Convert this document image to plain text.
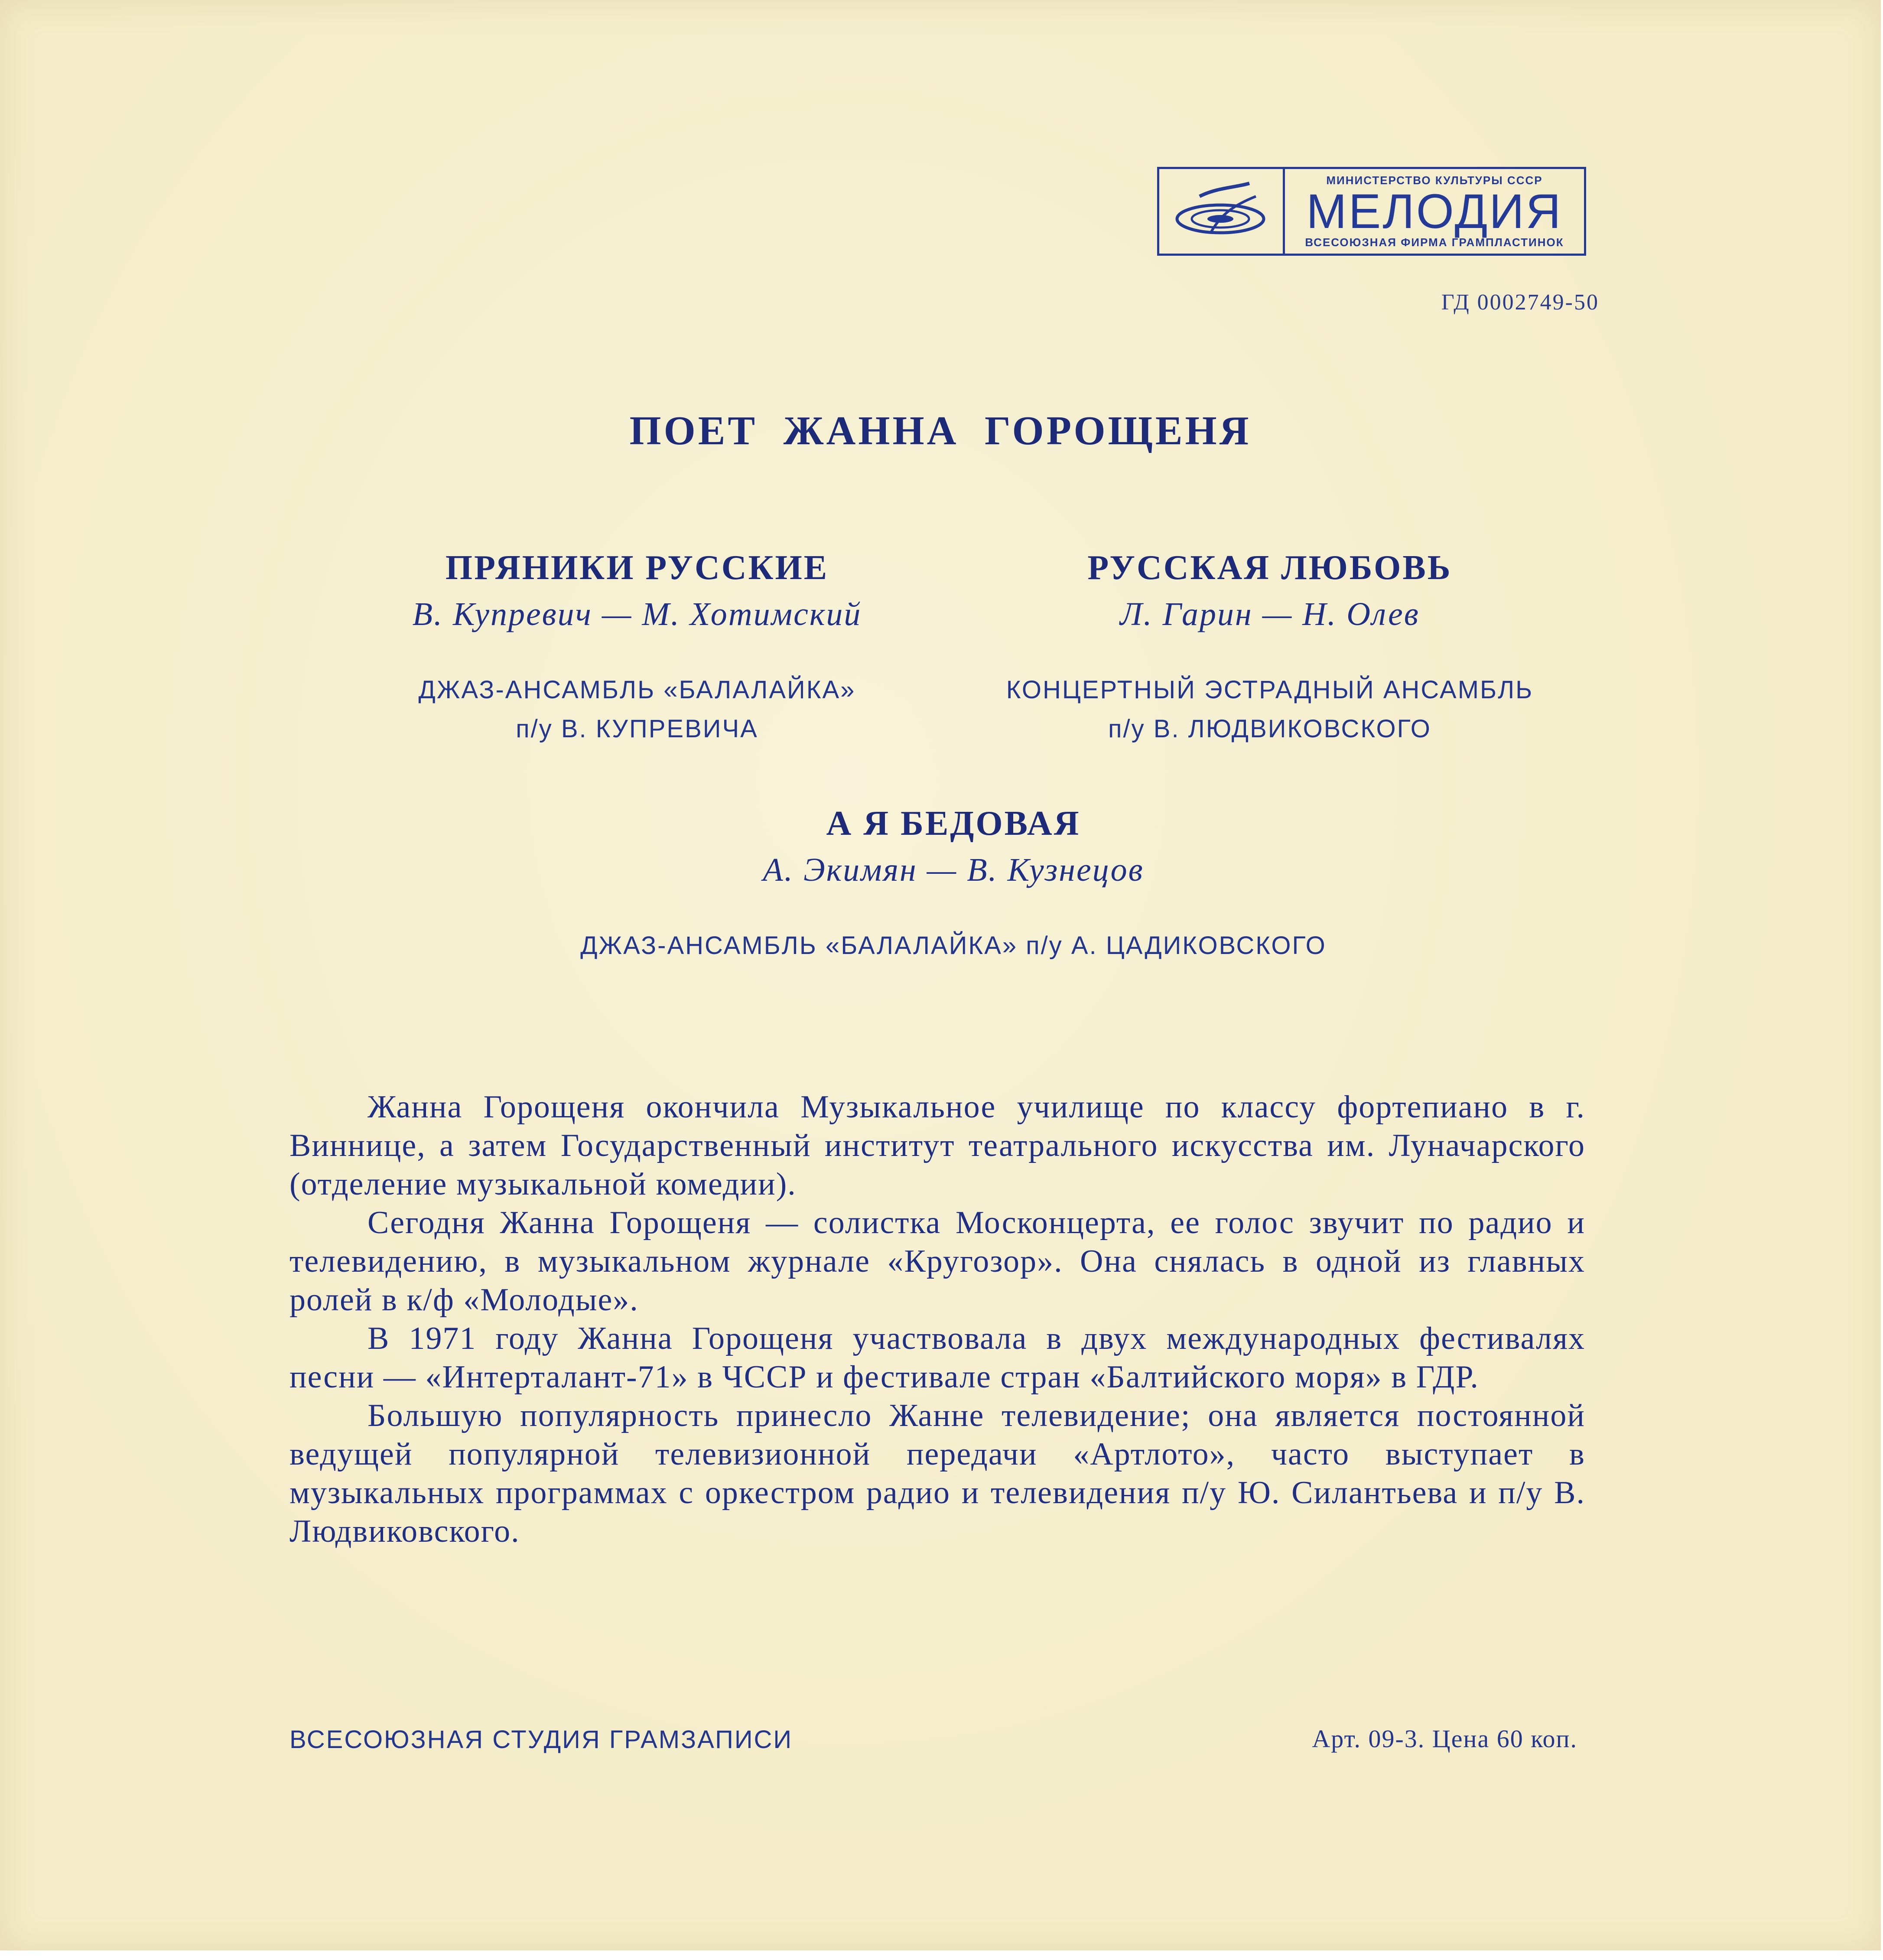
МИНИСТЕРСТВО КУЛЬТУРЫ СССР
МЕЛОДИЯ
ВСЕСОЮЗНАЯ ФИРМА ГРАМПЛАСТИНОК
ГД 0002749-50
ПОЕТ ЖАННА ГОРОЩЕНЯ
ПРЯНИКИ РУССКИЕ
В. Купревич — М. Хотимский
ДЖАЗ-АНСАМБЛЬ «БАЛАЛАЙКА»
п/у В. КУПРЕВИЧА
РУССКАЯ ЛЮБОВЬ
Л. Гарин — Н. Олев
КОНЦЕРТНЫЙ ЭСТРАДНЫЙ АНСАМБЛЬ
п/у В. ЛЮДВИКОВСКОГО
А Я БЕДОВАЯ
А. Экимян — В. Кузнецов
ДЖАЗ-АНСАМБЛЬ «БАЛАЛАЙКА» п/у А. ЦАДИКОВСКОГО

Жанна Горощеня окончила Музыкальное училище по классу фортепиано в г. Виннице, а затем Государственный институт театрального искусства им. Луначарского (отделение музыкальной комедии).

Сегодня Жанна Горощеня — солистка Москонцерта, ее голос звучит по радио и телевидению, в музыкальном журнале «Кругозор». Она снялась в одной из главных ролей в к/ф «Молодые».

В 1971 году Жанна Горощеня участвовала в двух международных фестивалях песни — «Интерталант-71» в ЧССР и фестивале стран «Балтийского моря» в ГДР.

Большую популярность принесло Жанне телевидение; она является постоянной ведущей популярной телевизионной передачи «Артлото», часто выступает в музыкальных программах с оркестром радио и телевидения п/у Ю. Силантьева и п/у В. Людвиковского.

ВСЕСОЮЗНАЯ СТУДИЯ ГРАМЗАПИСИ	Арт. 09-3. Цена 60 коп.
